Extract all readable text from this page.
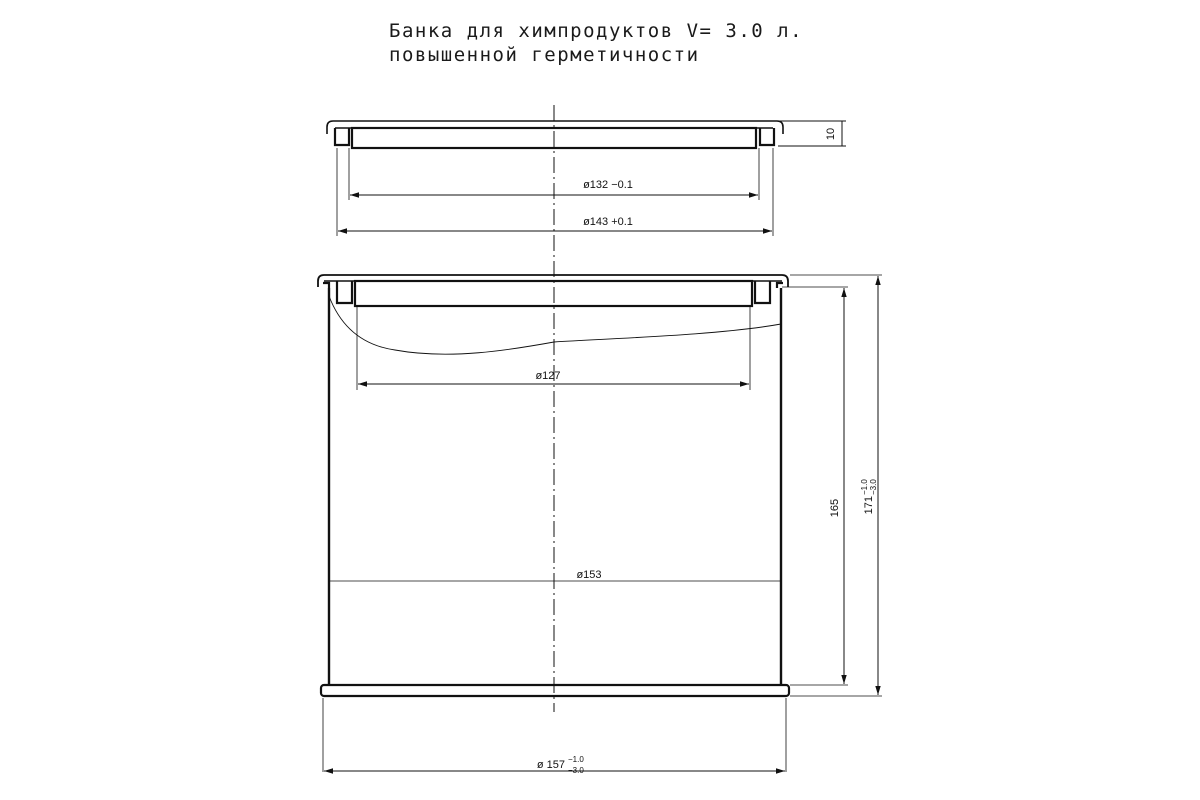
Банка для химпродуктов V= 3.0 л.
повышенной герметичности
10
ø132 −0.1
ø143 +0.1
ø127
ø153
165 171
−1.0 −3.0
ø 157 −1.0
−3.0
